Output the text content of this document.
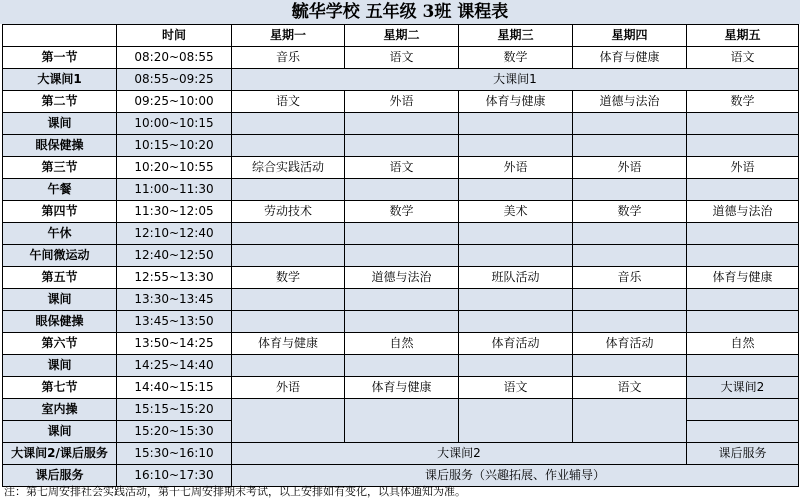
毓华学校 五年级 3班 课程表
	时间	星期一	星期二	星期三	星期四	星期五
第一节	08:20~08:55	音乐	语文	数学	体育与健康	语文
大课间1	08:55~09:25	大课间1				
第二节	09:25~10:00	语文	外语	体育与健康	道德与法治	数学
课间	10:00~10:15					
眼保健操	10:15~10:20					
第三节	10:20~10:55	综合实践活动	语文	外语	外语	外语
午餐	11:00~11:30					
第四节	11:30~12:05	劳动技术	数学	美术	数学	道德与法治
午休	12:10~12:40					
午间微运动	12:40~12:50					
第五节	12:55~13:30	数学	道德与法治	班队活动	音乐	体育与健康
课间	13:30~13:45					
眼保健操	13:45~13:50					
第六节	13:50~14:25	体育与健康	自然	体育活动	体育活动	自然
课间	14:25~14:40					
第七节	14:40~15:15	外语	体育与健康	语文	语文	大课间2
室内操	15:15~15:20					
课间	15:20~15:30					
大课间2/课后服务	15:30~16:10	大课间2				课后服务
课后服务	16:10~17:30	课后服务（兴趣拓展、作业辅导）				
注：第七周安排社会实践活动，第十七周安排期末考试，以上安排如有变化，以具体通知为准。
